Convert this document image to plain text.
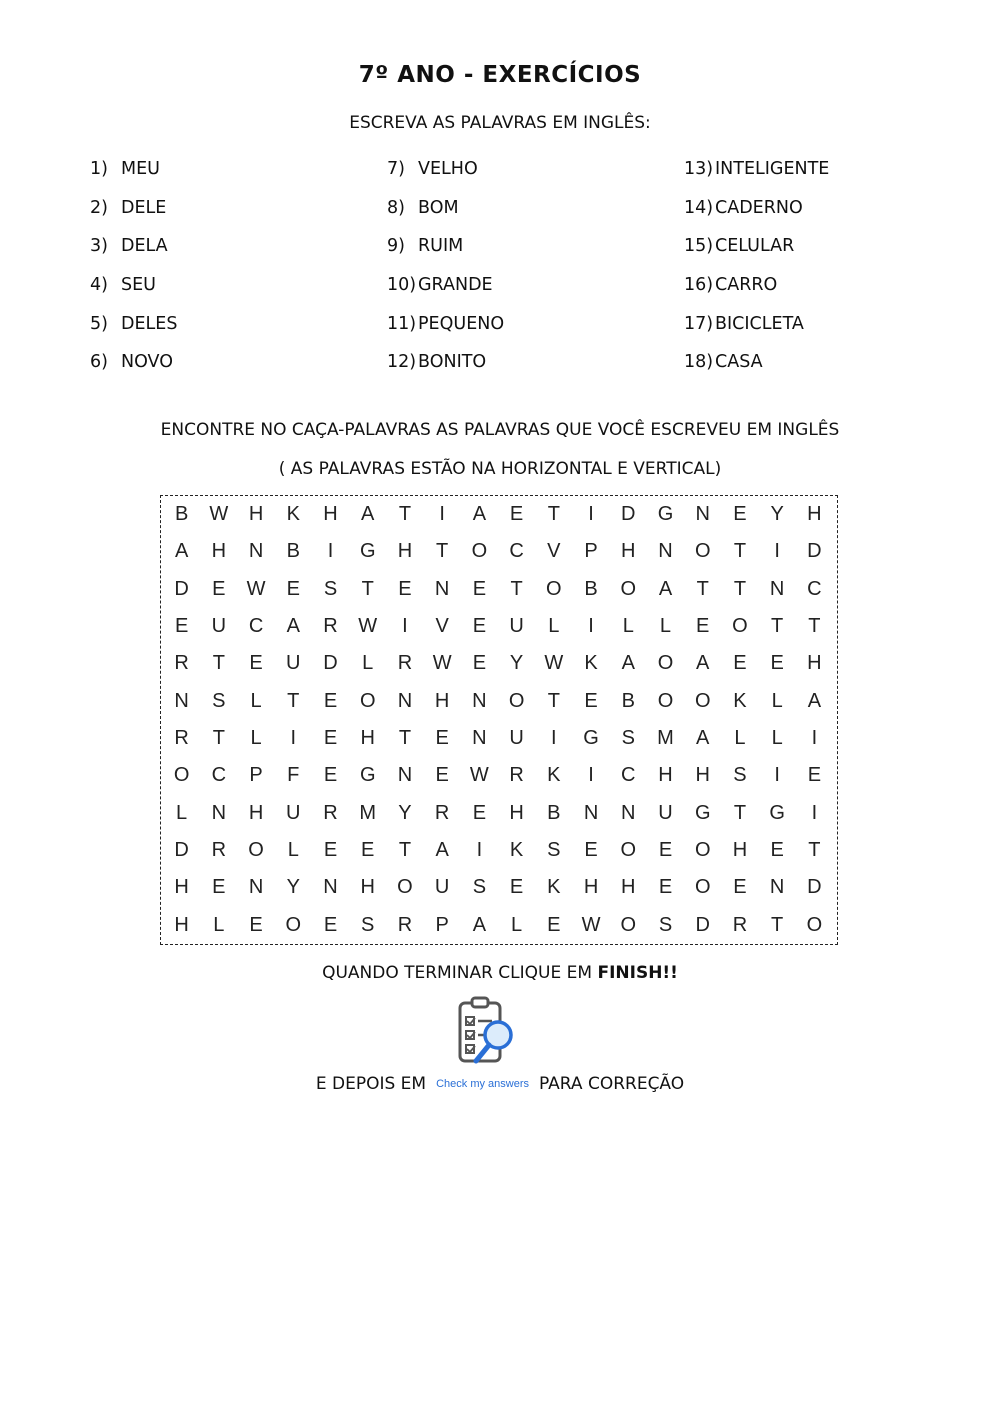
7º ANO - EXERCÍCIOS
ESCREVA AS PALAVRAS EM INGLÊS:
1) MEU
2) DELE
3) DELA
4) SEU
5) DELES
6) NOVO
7) VELHO
8) BOM
9) RUIM
10) GRANDE
11) PEQUENO
12) BONITO
13) INTELIGENTE
14) CADERNO
15) CELULAR
16) CARRO
17) BICICLETA
18) CASA
ENCONTRE NO CAÇA-PALAVRAS AS PALAVRAS QUE VOCÊ ESCREVEU EM INGLÊS
( AS PALAVRAS ESTÃO NA HORIZONTAL E VERTICAL)
B	W	H	K	H	A	T	I	A	E	T	I	D	G	N	E	Y	H
A	H	N	B	I	G	H	T	O	C	V	P	H	N	O	T	I	D
D	E	W	E	S	T	E	N	E	T	O	B	O	A	T	T	N	C
E	U	C	A	R	W	I	V	E	U	L	I	L	L	E	O	T	T
R	T	E	U	D	L	R	W	E	Y	W	K	A	O	A	E	E	H
N	S	L	T	E	O	N	H	N	O	T	E	B	O	O	K	L	A
R	T	L	I	E	H	T	E	N	U	I	G	S	M	A	L	L	I
O	C	P	F	E	G	N	E	W	R	K	I	C	H	H	S	I	E
L	N	H	U	R	M	Y	R	E	H	B	N	N	U	G	T	G	I
D	R	O	L	E	E	T	A	I	K	S	E	O	E	O	H	E	T
H	E	N	Y	N	H	O	U	S	E	K	H	H	E	O	E	N	D
H	L	E	O	E	S	R	P	A	L	E	W	O	S	D	R	T	O
QUANDO TERMINAR CLIQUE EM FINISH!!
E DEPOIS EM Check my answers PARA CORREÇÃO
